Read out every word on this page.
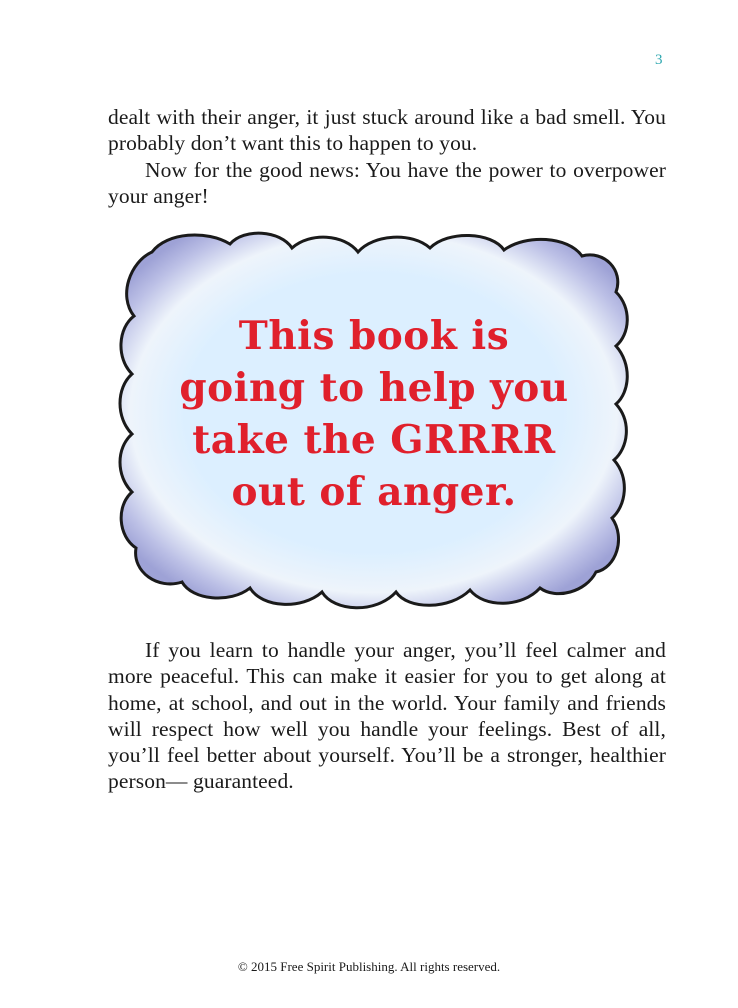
3

dealt with their anger, it just stuck around like a bad smell. You probably don’t want this to happen to you.

Now for the good news: You have the power to overpower your anger!

This book is
going to help you
take the GRRRR
out of anger.

If you learn to handle your anger, you’ll feel calmer and more peaceful. This can make it easier for you to get along at home, at school, and out in the world. Your family and friends will respect how well you handle your feelings. Best of all, you’ll feel better about yourself. You’ll be a stronger, healthier person— guaranteed.

© 2015 Free Spirit Publishing. All rights reserved.
